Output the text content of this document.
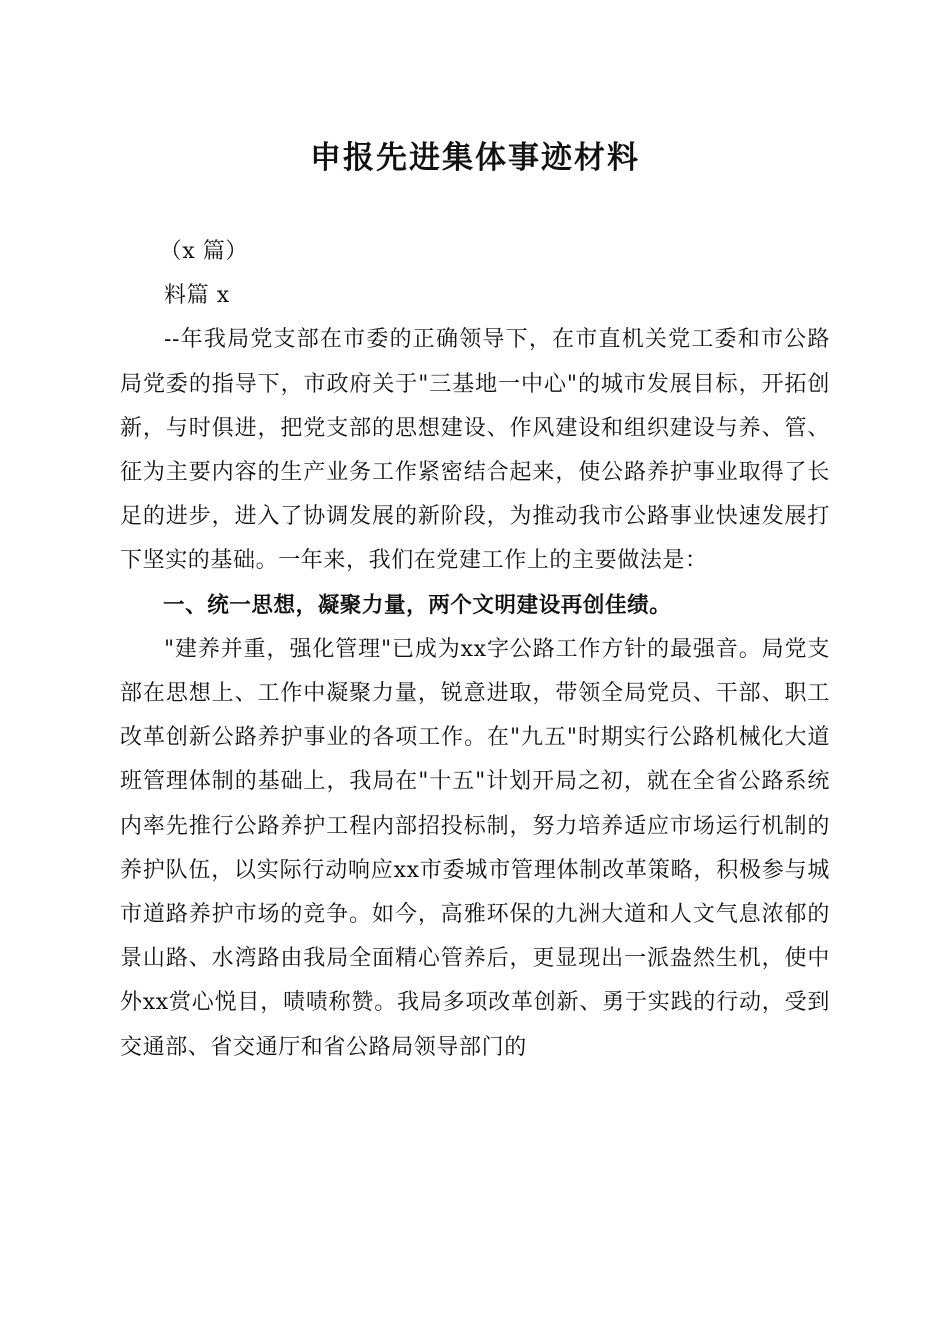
申报先进集体事迹材料

（x 篇）

料篇 x

--年我局党支部在市委的正确领导下，在市直机关党工委和市公路局党委的指导下，市政府关于"三基地一中心"的城市发展目标，开拓创新，与时俱进，把党支部的思想建设、作风建设和组织建设与养、管、征为主要内容的生产业务工作紧密结合起来，使公路养护事业取得了长足的进步，进入了协调发展的新阶段，为推动我市公路事业快速发展打下坚实的基础。一年来，我们在党建工作上的主要做法是：

一、统一思想，凝聚力量，两个文明建设再创佳绩。

"建养并重，强化管理"已成为xx字公路工作方针的最强音。局党支部在思想上、工作中凝聚力量，锐意进取，带领全局党员、干部、职工改革创新公路养护事业的各项工作。在"九五"时期实行公路机械化大道班管理体制的基础上，我局在"十五"计划开局之初，就在全省公路系统内率先推行公路养护工程内部招投标制，努力培养适应市场运行机制的养护队伍，以实际行动响应xx市委城市管理体制改革策略，积极参与城市道路养护市场的竞争。如今，高雅环保的九洲大道和人文气息浓郁的景山路、水湾路由我局全面精心管养后，更显现出一派盎然生机，使中外xx赏心悦目，啧啧称赞。我局多项改革创新、勇于实践的行动，受到交通部、省交通厅和省公路局领导部门的
